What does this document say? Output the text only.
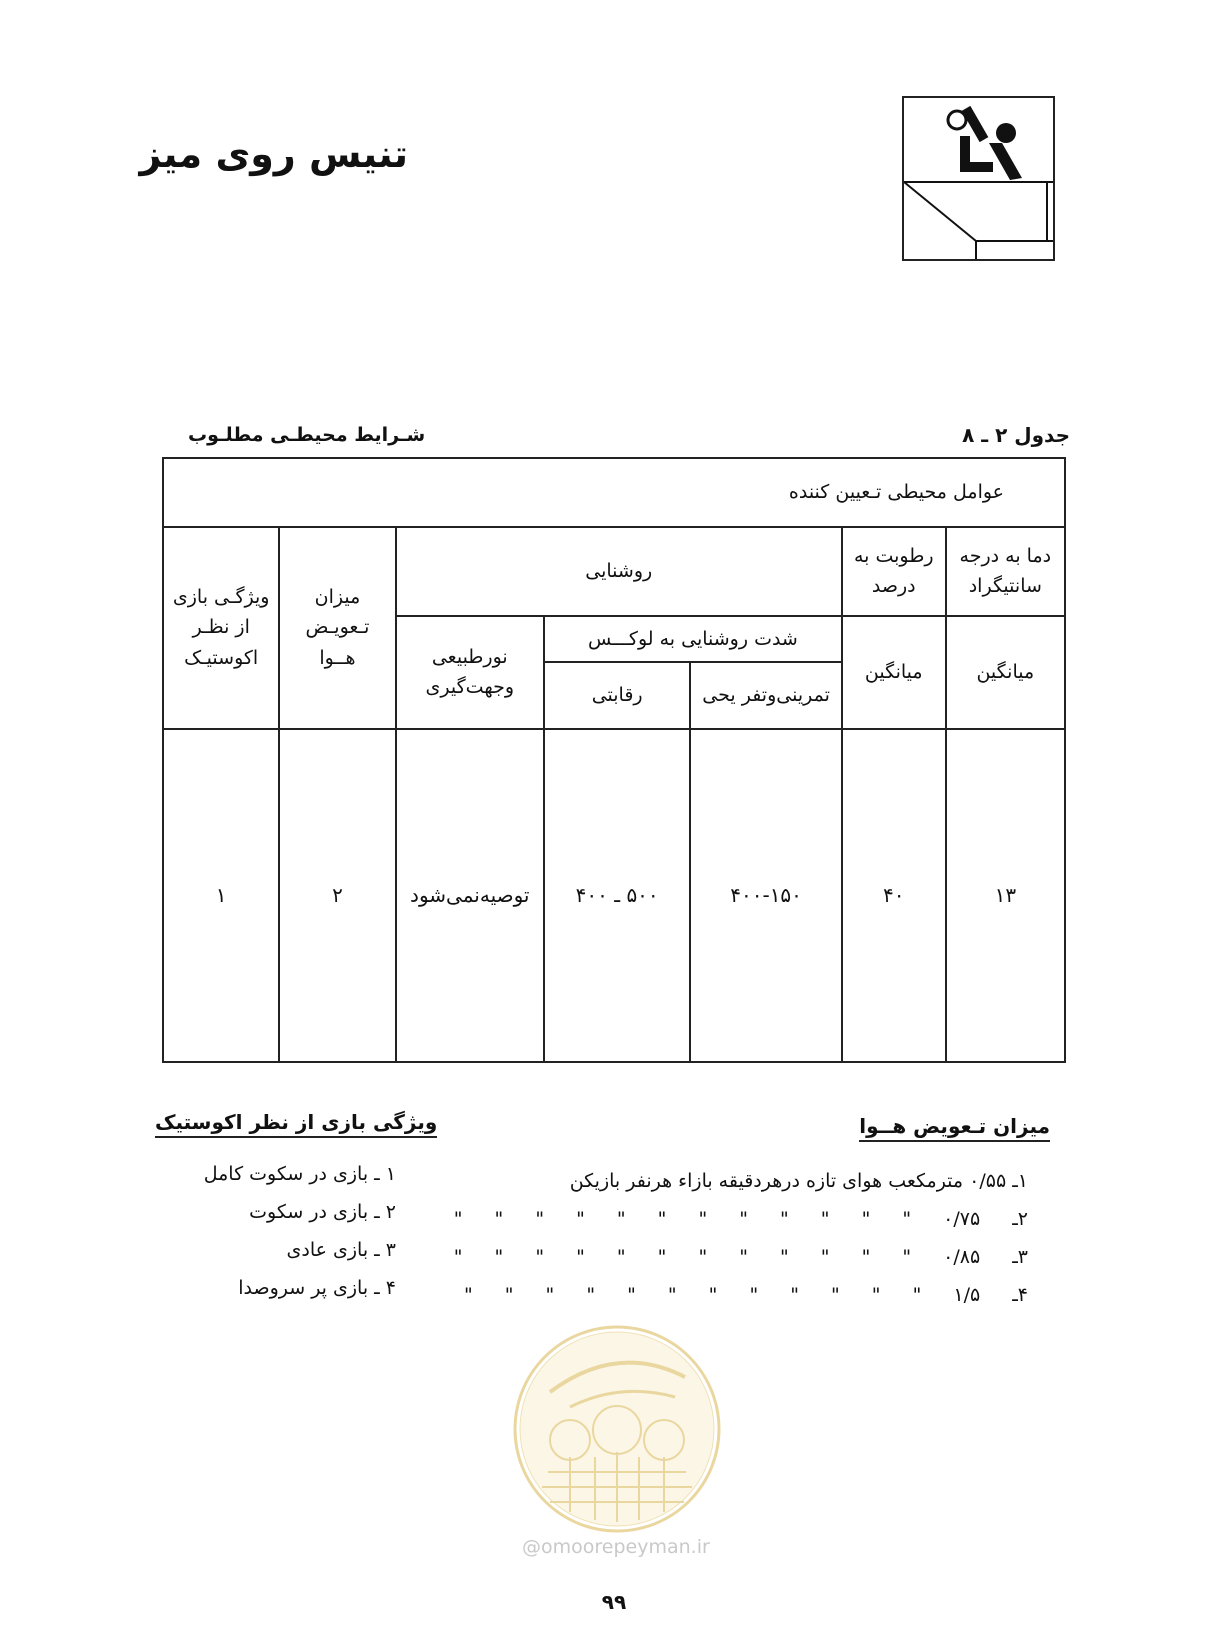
تنیس روی میز
جدول ۲ ـ ۸
شـرایط محیطـی مطلـوب
عوامل محیطی تـعیین کننده						
دما به درجه سانتیگراد	رطوبت به درصد	روشنایی			میزان تـعویـض هــوا	ویژگـی بازی از نظـر اکوستیـک
میانگین	میانگین	شدت روشنایی به لوکـــس		نورطبیعی وجهت‌گیری		
		تمرینی‌وتفر یحی	رقابتی			
۱۳	۴۰	۴۰۰-۱۵۰	۵۰۰ ـ ۴۰۰	توصیه‌نمی‌شود	۲	۱
ویژگی بازی از نظر اکوستیک
۱ ـ بازی در سکوت کامل
۲ ـ بازی در سکوت
۳ ـ بازی عادی
۴ ـ بازی پر سروصدا
میزان تـعویض هــوا
۱ـ ۰/۵۵ مترمکعب هوای تازه درهردقیقه بازاء هرنفر بازیکن
۲ـ ۰/۷۵ " " " " " " " " " " " "
۳ـ ۰/۸۵ " " " " " " " " " " " "
۴ـ ۱/۵ " " " " " " " " " " " "
@omoorepeyman.ir
۹۹
